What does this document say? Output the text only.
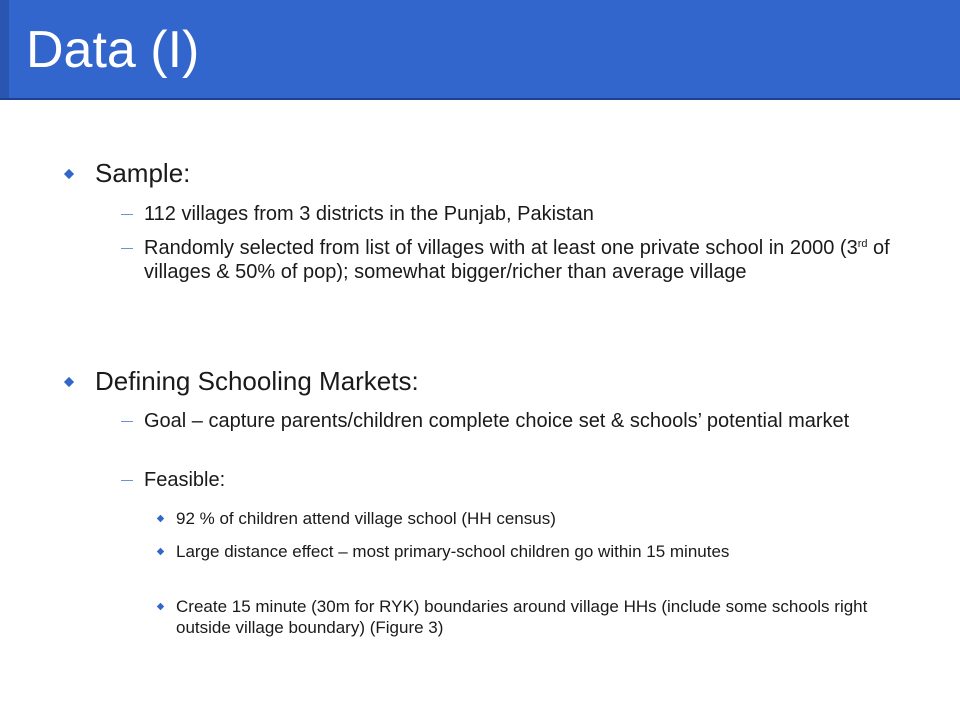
Data (I)
Sample:
112 villages from 3 districts in the Punjab, Pakistan
Randomly selected from list of villages with at least one private school in 2000 (3rd of villages & 50% of pop); somewhat bigger/richer than average village
Defining Schooling Markets:
Goal – capture parents/children complete choice set & schools’ potential market
Feasible:
92 % of children attend village school (HH census)
Large distance effect – most primary-school children go within 15 minutes
Create 15 minute (30m for RYK) boundaries around village HHs (include some schools right outside village boundary) (Figure 3)
